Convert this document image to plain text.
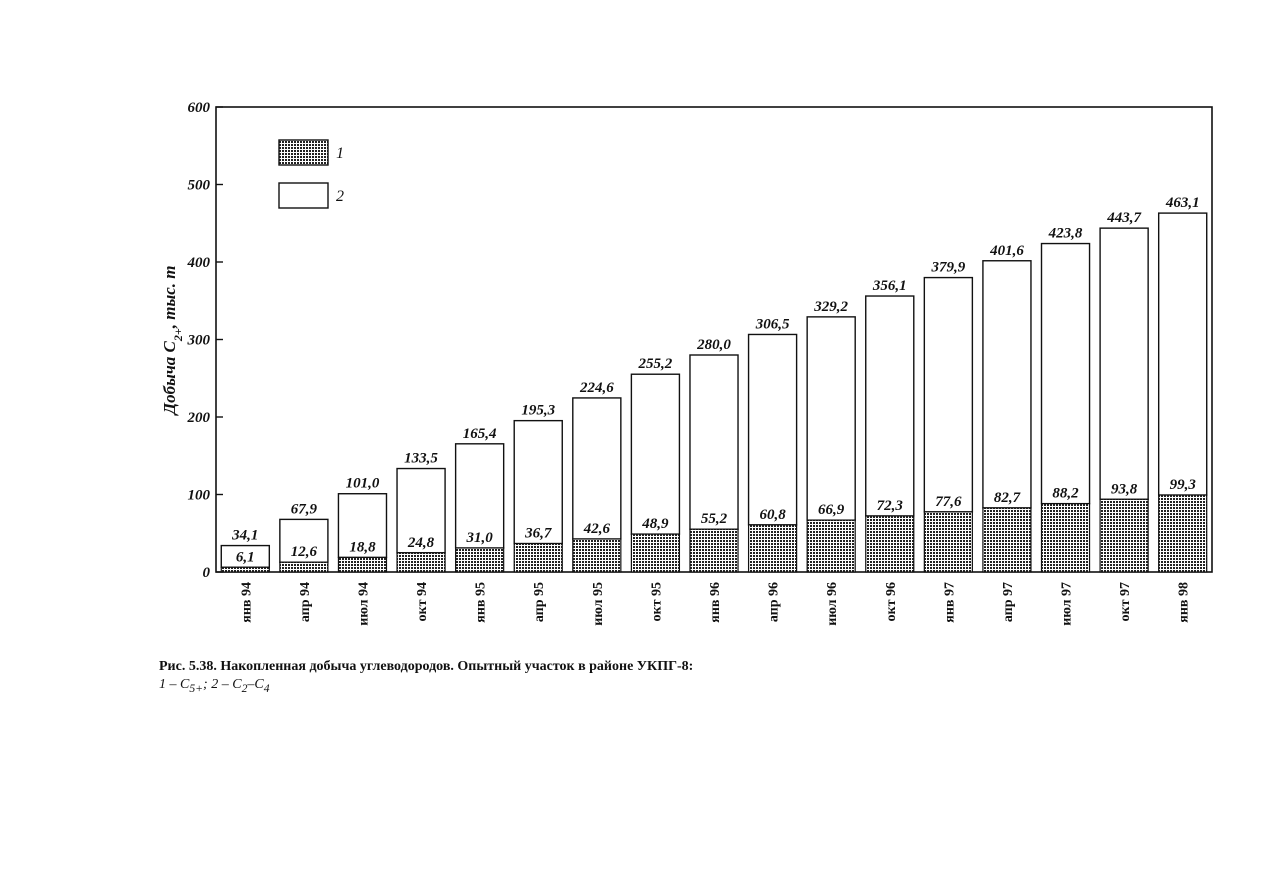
0
100
200
300
400
500
600
34,1
6,1
67,9
12,6
101,0
18,8
133,5
24,8
165,4
31,0
195,3
36,7
224,6
42,6
255,2
48,9
280,0
55,2
306,5
60,8
329,2
66,9
356,1
72,3
379,9
77,6
401,6
82,7
423,8
88,2
443,7
93,8
463,1
99,3
янв 94	апр 94	июл 94	окт 94	янв 95	апр 95	июл 95	окт 95	янв 96	апр 96	июл 96	окт 96	янв 97	апр 97	июл 97	окт 97	янв 98
1
2
Добыча $C_{2+}$, тыс. т
Рис. 5.38. Накопленная добыча углеводородов. Опытный участок в районе УКПГ-8:
$1 - C_{5+}$; $2 - C_2-C_4$
